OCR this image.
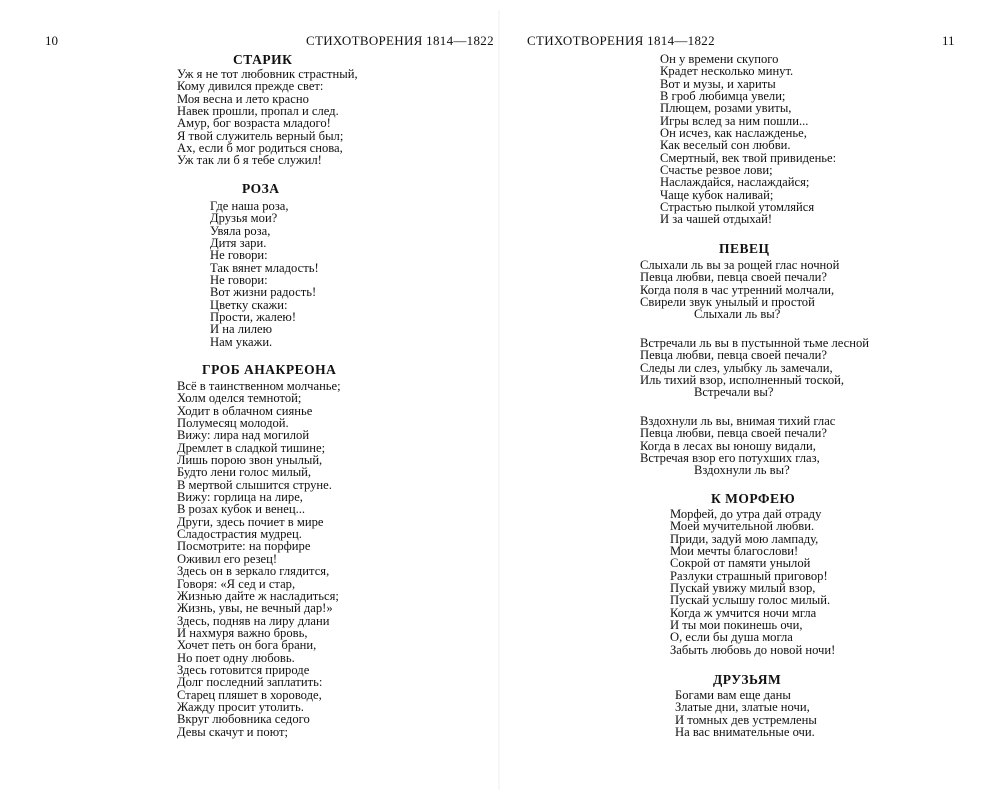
10	СТИХОТВОРЕНИЯ 1814—1822
СТАРИК
Уж я не тот любовник страстный,
Кому дивился прежде свет:
Моя весна и лето красно
Навек прошли, пропал и след.
Амур, бог возраста младого!
Я твой служитель верный был;
Ах, если б мог родиться снова,
Уж так ли б я тебе служил!
РОЗА
Где наша роза,
Друзья мои?
Увяла роза,
Дитя зари.
Не говори:
Так вянет младость!
Не говори:
Вот жизни радость!
Цветку скажи:
Прости, жалею!
И на лилею
Нам укажи.
ГРОБ АНАКРЕОНА
Всё в таинственном молчанье;
Холм оделся темнотой;
Ходит в облачном сиянье
Полумесяц молодой.
Вижу: лира над могилой
Дремлет в сладкой тишине;
Лишь порою звон унылый,
Будто лени голос милый,
В мертвой слышится струне.
Вижу: горлица на лире,
В розах кубок и венец...
Други, здесь почиет в мире
Сладострастия мудрец.
Посмотрите: на порфире
Оживил его резец!
Здесь он в зеркало глядится,
Говоря: «Я сед и стар,
Жизнью дайте ж насладиться;
Жизнь, увы, не вечный дар!»
Здесь, подняв на лиру длани
И нахмуря важно бровь,
Хочет петь он бога брани,
Но поет одну любовь.
Здесь готовится природе
Долг последний заплатить:
Старец пляшет в хороводе,
Жажду просит утолить.
Вкруг любовника седого
Девы скачут и поют;
СТИХОТВОРЕНИЯ 1814—1822	11
Он у времени скупого
Крадет несколько минут.
Вот и музы, и хариты
В гроб любимца увели;
Плющем, розами увиты,
Игры вслед за ним пошли...
Он исчез, как наслажденье,
Как веселый сон любви.
Смертный, век твой привиденье:
Счастье резвое лови;
Наслаждайся, наслаждайся;
Чаще кубок наливай;
Страстью пылкой утомляйся
И за чашей отдыхай!
ПЕВЕЦ
Слыхали ль вы за рощей глас ночной
Певца любви, певца своей печали?
Когда поля в час утренний молчали,
Свирели звук унылый и простой
Слыхали ль вы?
Встречали ль вы в пустынной тьме лесной
Певца любви, певца своей печали?
Следы ли слез, улыбку ль замечали,
Иль тихий взор, исполненный тоской,
Встречали вы?
Вздохнули ль вы, внимая тихий глас
Певца любви, певца своей печали?
Когда в лесах вы юношу видали,
Встречая взор его потухших глаз,
Вздохнули ль вы?
К МОРФЕЮ
Морфей, до утра дай отраду
Моей мучительной любви.
Приди, задуй мою лампаду,
Мои мечты благослови!
Сокрой от памяти унылой
Разлуки страшный приговор!
Пускай увижу милый взор,
Пускай услышу голос милый.
Когда ж умчится ночи мгла
И ты мои покинешь очи,
О, если бы душа могла
Забыть любовь до новой ночи!
ДРУЗЬЯМ
Богами вам еще даны
Златые дни, златые ночи,
И томных дев устремлены
На вас внимательные очи.
